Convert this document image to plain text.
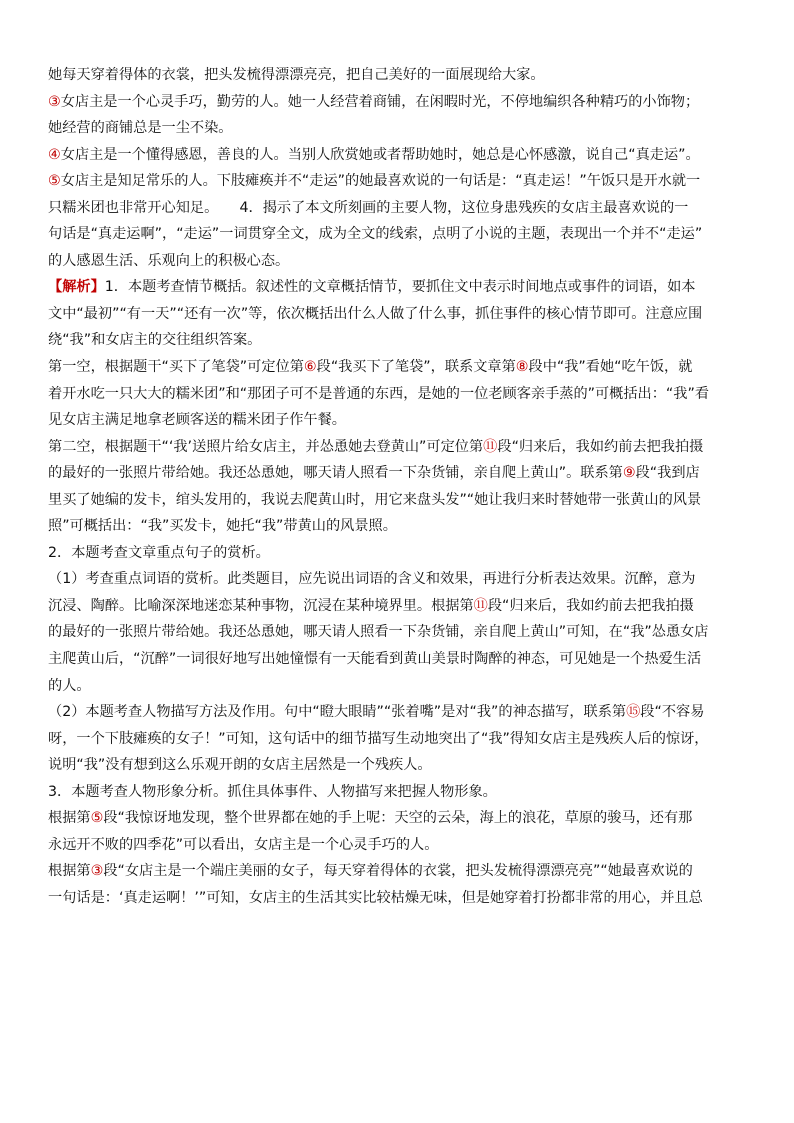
她每天穿着得体的衣裳，把头发梳得漂漂亮亮，把自己美好的一面展现给大家。
③女店主是一个心灵手巧，勤劳的人。她一人经营着商铺，在闲暇时光，不停地编织各种精巧的小饰物；
她经营的商铺总是一尘不染。
④女店主是一个懂得感恩，善良的人。当别人欣赏她或者帮助她时，她总是心怀感激，说自己“真走运”。
⑤女店主是知足常乐的人。下肢瘫痪并不“走运”的她最喜欢说的一句话是：“真走运！”午饭只是开水就一
只糯米团也非常开心知足。　　4．揭示了本文所刻画的主要人物，这位身患残疾的女店主最喜欢说的一
句话是“真走运啊”，“走运”一词贯穿全文，成为全文的线索，点明了小说的主题，表现出一个并不“走运”
的人感恩生活、乐观向上的积极心态。
【解析】1．本题考查情节概括。叙述性的文章概括情节，要抓住文中表示时间地点或事件的词语，如本
文中“最初”“有一天”“还有一次”等，依次概括出什么人做了什么事，抓住事件的核心情节即可。注意应围
绕“我”和女店主的交往组织答案。
第一空，根据题干“买下了笔袋”可定位第⑥段“我买下了笔袋”，联系文章第⑧段中“我”看她“吃午饭，就
着开水吃一只大大的糯米团”和“那团子可不是普通的东西，是她的一位老顾客亲手蒸的”可概括出：“我”看
见女店主满足地拿老顾客送的糯米团子作午餐。
第二空，根据题干“‘我’送照片给女店主，并怂恿她去登黄山”可定位第⑪段“归来后，我如约前去把我拍摄
的最好的一张照片带给她。我还怂恿她，哪天请人照看一下杂货铺，亲自爬上黄山”。联系第⑨段“我到店
里买了她编的发卡，绾头发用的，我说去爬黄山时，用它来盘头发”“她让我归来时替她带一张黄山的风景
照”可概括出：“我”买发卡，她托“我”带黄山的风景照。
2．本题考查文章重点句子的赏析。
（1）考查重点词语的赏析。此类题目，应先说出词语的含义和效果，再进行分析表达效果。沉醉，意为
沉浸、陶醉。比喻深深地迷恋某种事物，沉浸在某种境界里。根据第⑪段“归来后，我如约前去把我拍摄
的最好的一张照片带给她。我还怂恿她，哪天请人照看一下杂货铺，亲自爬上黄山”可知，在“我”怂恿女店
主爬黄山后，“沉醉”一词很好地写出她憧憬有一天能看到黄山美景时陶醉的神态，可见她是一个热爱生活
的人。
（2）本题考查人物描写方法及作用。句中“瞪大眼睛”“张着嘴”是对“我”的神态描写，联系第⑮段“不容易
呀，一个下肢瘫痪的女子！”可知，这句话中的细节描写生动地突出了“我”得知女店主是残疾人后的惊讶，
说明“我”没有想到这么乐观开朗的女店主居然是一个残疾人。
3．本题考查人物形象分析。抓住具体事件、人物描写来把握人物形象。
根据第⑤段“我惊讶地发现，整个世界都在她的手上呢：天空的云朵，海上的浪花，草原的骏马，还有那
永远开不败的四季花”可以看出，女店主是一个心灵手巧的人。
根据第③段“女店主是一个端庄美丽的女子，每天穿着得体的衣裳，把头发梳得漂漂亮亮”“她最喜欢说的
一句话是：‘真走运啊！’”可知，女店主的生活其实比较枯燥无味，但是她穿着打扮都非常的用心，并且总
